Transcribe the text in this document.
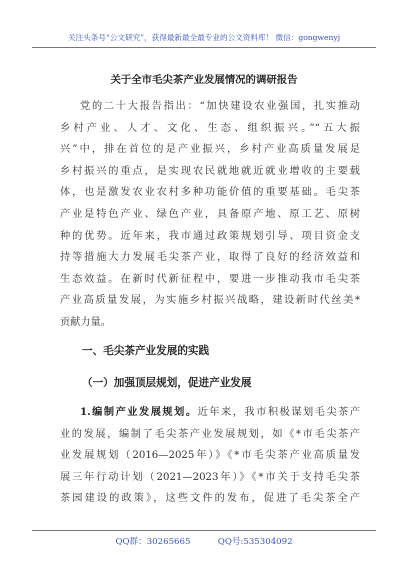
关注头条号“公文研究”，获得最新最全最专业的公文资料库！ 微信：gongwenyj
关于全市毛尖茶产业发展情况的调研报告
党的二十大报告指出：“加快建设农业强国，扎实推动
乡村产业、人才、文化、生态、组织振兴。”“五大振
兴”中，排在首位的是产业振兴，乡村产业高质量发展是
乡村振兴的重点，是实现农民就地就近就业增收的主要载
体，也是激发农业农村多种功能价值的重要基础。毛尖茶
产业是特色产业、绿色产业，具备原产地、原工艺、原树
种的优势。近年来，我市通过政策规划引导、项目资金支
持等措施大力发展毛尖茶产业，取得了良好的经济效益和
生态效益。在新时代新征程中，要进一步推动我市毛尖茶
产业高质量发展，为实施乡村振兴战略，建设新时代丝美*
贡献力量。
一、毛尖茶产业发展的实践
（一）加强顶层规划，促进产业发展
1.编制产业发展规划。近年来，我市积极谋划毛尖茶产
业的发展，编制了毛尖茶产业发展规划，如《*市毛尖茶产
业发展规划（2016—2025年）》《*市毛尖茶产业高质量发
展三年行动计划（2021—2023年）》《*市关于支持毛尖茶
茶园建设的政策》，这些文件的发布，促进了毛尖茶全产
QQ群：30265665          QQ号:535304092
